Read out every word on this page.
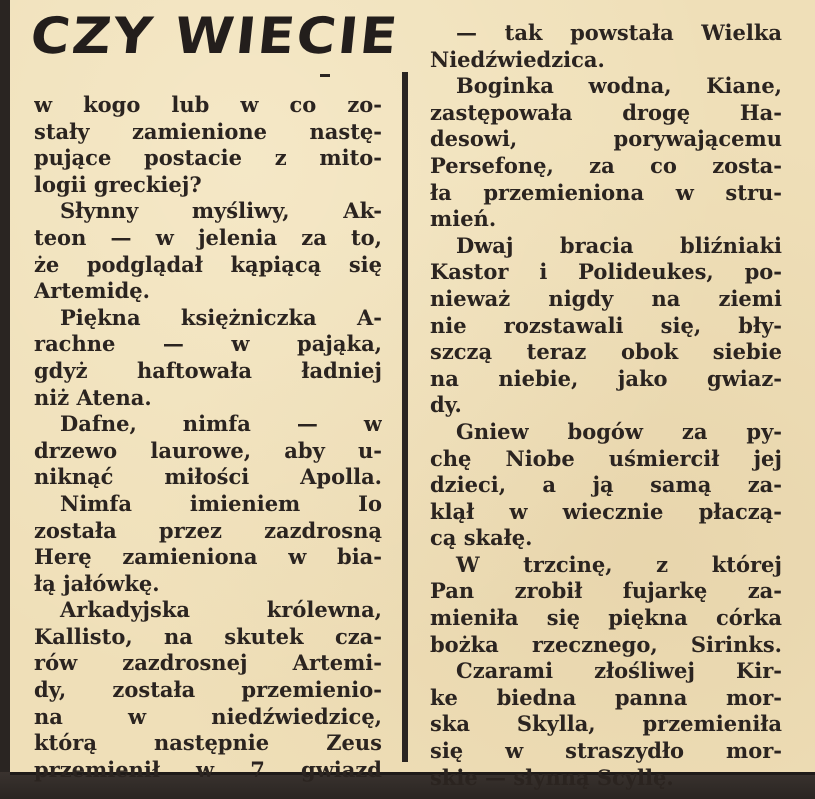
CZY WIECIE
w kogo lub w co zo-
stały zamienione nastę-
pujące postacie z mito-
logii greckiej?
Słynny myśliwy, Ak-
teon — w jelenia za to,
że podglądał kąpiącą się
Artemidę.
Piękna księżniczka A-
rachne — w pająka,
gdyż haftowała ładniej
niż Atena.
Dafne, nimfa — w
drzewo laurowe, aby u-
niknąć miłości Apolla.
Nimfa imieniem Io
została przez zazdrosną
Herę zamieniona w bia-
łą jałówkę.
Arkadyjska królewna,
Kallisto, na skutek cza-
rów zazdrosnej Artemi-
dy, została przemienio-
na w niedźwiedzicę,
którą następnie Zeus
przemienił w 7 gwiazd
— tak powstała Wielka
Niedźwiedzica.
Boginka wodna, Kiane,
zastępowała drogę Ha-
desowi, porywającemu
Persefonę, za co zosta-
ła przemieniona w stru-
mień.
Dwaj bracia bliźniaki
Kastor i Polideukes, po-
nieważ nigdy na ziemi
nie rozstawali się, bły-
szczą teraz obok siebie
na niebie, jako gwiaz-
dy.
Gniew bogów za py-
chę Niobe uśmiercił jej
dzieci, a ją samą za-
klął w wiecznie płaczą-
cą skałę.
W trzcinę, z której
Pan zrobił fujarkę za-
mieniła się piękna córka
bożka rzecznego, Sirinks.
Czarami złośliwej Kir-
ke biedna panna mor-
ska Skylla, przemieniła
się w straszydło mor-
skie — słynną Scyllę.
